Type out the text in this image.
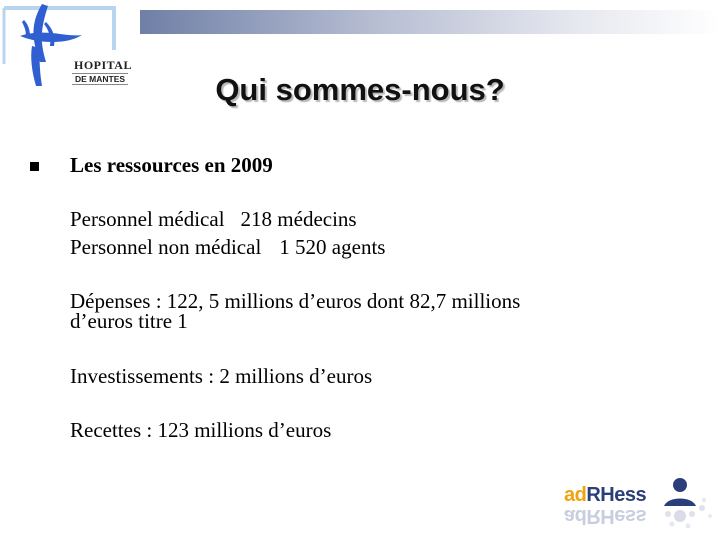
HOPITAL
DE MANTES	Qui sommes-nous?
Les ressources en 2009
Personnel médical 218 médecins
Personnel non médical 1 520 agents
Dépenses : 122, 5 millions d’euros dont 82,7 millions
d’euros titre 1
Investissements : 2 millions d’euros
Recettes : 123 millions d’euros
adRHess
adRHess
